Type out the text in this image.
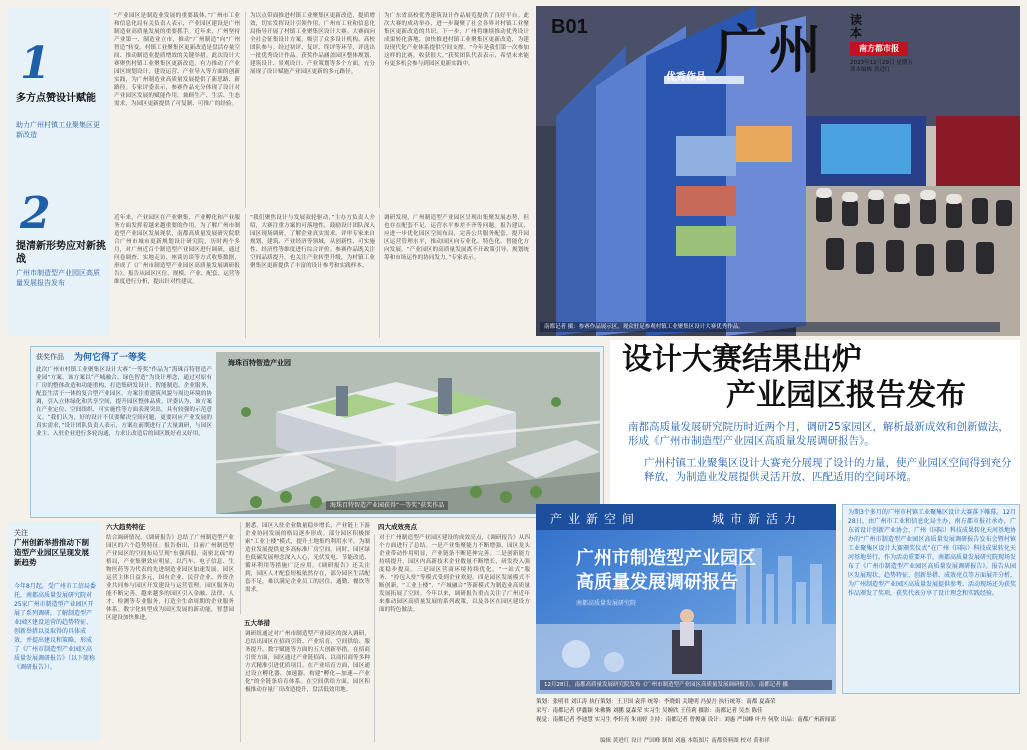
1
多方点赞设计赋能
助力广州村镇工业聚集区更新改造
2
提清新形势应对新挑战
广州市制造型产业园区高质量发展报告发布
“产业园区是制造业发展的重要载体，”广州市工业和信息化局有关负责人表示，产业园区建设是广州制造业高质量发展的重要抓手。近年来，广州坚持产业第一、制造业立市，推动“广州制造”向“广州智造”转变。村镇工业聚集区更新改造是盘活存量空间、推动制造业提质增效的关键举措。此次设计大赛聚焦村镇工业聚集区更新改造，有力推动了产业园区规划设计、建设运营、产业导入等方面的创新实践，为广州制造业高质量发展提供了新思路、新路径。专家评委表示，参赛作品充分体现了设计对产业园区发展的赋能作用，兼顾生产、生活、生态需求，为园区更新提供了可复制、可推广的经验。
近年来，产业园区在产业聚集、产业孵化和产业服务方面发挥着越来越重要的作用。为了解广州市制造型产业园区发展现状，南都高质量发展研究院联合广州市城市更新规划设计研究院，历时两个多月，对广州近百个制造型产业园区进行调研，通过问卷调查、实地走访、座谈访谈等方式收集数据，形成了《广州市制造型产业园区高质量发展调研报告》。报告从园区区位、规模、产业、配套、运营等维度进行分析，提出针对性建议。
为以点带面推进村镇工业聚集区更新改造，提质增效，切实发挥设计引领作用，广州市工业和信息化局指导开展了村镇工业聚集区设计大赛。大赛面向全社会征集设计方案，吸引了众多设计机构、高校团队参与。经过初评、复评、终评等环节，评选出一批优秀设计作品。获奖作品涵盖园区整体规划、建筑设计、景观设计、产业策划等多个方面，充分展现了设计赋能产业园区更新的多元路径。
“我们聚焦设计与发展双轮驱动，”主办方负责人介绍，大赛注重方案的可落地性，鼓励设计团队深入园区现场调研，了解企业真实需求。评审专家来自规划、建筑、产业经济等领域，从创新性、可实施性、经济性等维度进行综合评价。参赛作品既关注空间品质提升，也关注产业转型升级，为村镇工业聚集区更新提供了丰富的设计参考和实践样本。
为广东省高校优秀建筑设计作品展览提供了良好平台。此次大赛的成功举办，进一步凝聚了社会各界对村镇工业聚集区更新改造的共识。下一步，广州将继续推动优秀设计成果转化落地，加快推进村镇工业聚集区更新改造，为建设现代化产业体系提供空间支撑。“今年是我们第一次参加这样的比赛，收获很大，”获奖团队代表表示，希望未来能有更多机会参与到园区更新实践中。
调研发现，广州制造型产业园区呈现出集聚发展态势，但也存在配套不足、运营水平参差不齐等问题。报告建议，应进一步优化园区空间布局，完善公共服务配套，提升园区运营管理水平，推动园区向专业化、特色化、智能化方向发展。“产业园区的高质量发展离不开政策引导、规划统筹和市场运作的协同发力。”专家表示。
优秀作品
南都记者 摄：参赛作品展示区，观众驻足参观村镇工业聚集区设计大赛优秀作品。
B01 广州 读本
南方都市报
2023年12月29日 星期五
读本编辑 黄进红
获奖作品 为何它得了一等奖
此次广州市村镇工业聚集区设计大赛“一等奖”作品为“海珠百特智造产业园”方案。该方案以“产城融合、绿色智造”为设计理念，通过对原有厂房的整体改造和功能重构，打造集研发设计、智能制造、企业服务、配套生活于一体的复合型产业园区。方案注重建筑风貌与周边环境的协调，引入立体绿化和共享空间，提升园区整体品质。评委认为，该方案在产业定位、空间组织、可实施性等方面表现突出，具有较强的示范意义。“我们认为，好的设计不仅要解决空间问题，更要回应产业发展的真实需求，”设计团队负责人表示，方案在前期进行了大量调研，与园区业主、入驻企业进行多轮沟通，力求让改造后的园区既好看又好用。
海珠百特智造产业园
海珠百特智造产业园获得“一等奖”获奖作品
设计大赛结果出炉
产业园区报告发布
南都高质量发展研究院历时近两个月，调研25家园区，解析最新成效和创新做法，形成《广州市制造型产业园区高质量发展调研报告》。
广州村镇工业聚集区设计大赛充分展现了设计的力量，使产业园区空间得到充分释放，为制造业发展提供灵活开放、匹配适用的空间环境。
关注
广州创新举措推动下制造型产业园区呈现发展新趋势
今年8月起，受广州市工信局委托，南都高质量发展研究院对25家广州市制造型产业园区开展了系列调研，了解制造型产业园区建设运营的趋势特征、创新举措以及取得的具体成效，并提出建议和策略，形成了《广州市制造型产业园区高质量发展调研报告》（以下简称《调研报告》）。
六大趋势特征
结合调研情况，《调研报告》总结了广州制造型产业园区的六个趋势特征。报告指出，目前广州制造型产业园区的空间布局呈现“东强西弱、南密北疏”的格局，产业集聚效应明显，以汽车、电子信息、生物医药等为代表的先进制造业园区加速发展。园区运营主体日益多元，国有企业、民营企业、外资企业共同参与园区开发建设与运营管理。园区服务功能不断完善，越来越多的园区引入金融、法律、人才、检测等专业服务，打造全生命周期的企业服务体系。数字化转型成为园区发展的新动能，智慧园区建设加快推进。
据悉，园区入驻企业数量稳步增长，产业链上下游企业协同发展的格局逐步形成。部分园区积极探索“工业上楼”模式，提升土地集约利用水平，为制造业发展提供更多高标准厂房空间。同时，园区绿色低碳发展理念深入人心，光伏发电、节能改造、循环利用等措施广泛应用。《调研报告》还关注到，园区人才配套短板依然存在，部分园区生活配套不足，难以满足企业员工的居住、通勤、餐饮等需求。
五大举措
调研组通过对广州市制造型产业园区的深入调研，总结出园区在招商引资、产业培育、空间供给、服务提升、数字赋能等方面的五大创新举措。在招商引资方面，园区通过产业链招商、以商招商等多种方式精准引进优质项目。在产业培育方面，园区通过设立孵化器、加速器，构建“孵化—加速—产业化”的全链条培育体系。在空间供给方面，园区积极推动存量厂房改造提升，盘活低效用地。
四大成效亮点
对于广州制造型产业园区建设的成效亮点，《调研报告》从四个方面进行了总结。一是产业集聚能力不断增强，园区龙头企业带动作用明显，产业链条不断延伸完善。二是创新能力持续提升，园区内高新技术企业数量不断增长，研发投入强度稳步提高。三是园区营商环境持续优化，“一站式”服务、“拎包入驻”等模式受到企业欢迎。四是园区发展模式不断创新，“工业上楼”、“产城融合”等新模式为制造业高质量发展拓展了空间。今年以来，调研报告重点关注了广州近年来推动园区高质量发展的系列政策，以及各区在园区建设方面的特色做法。
产业新空间	城市新活力
广州市制造型产业园区
高质量发展调研报告
南都高质量发展研究院
12月28日，南都高质量发展研究院发布《广州市制造型产业园区高质量发展调研报告》。南都记者 摄
为期3个多月的广州市村镇工业聚集区设计大赛落下帷幕。12月28日，由广州市工业和信息化局主办，南方都市报社承办，广东省设计创新产业协会、广州（国际）科技成果转化天河基地协办的“广州市制造型产业园区高质量发展调研报告发布会暨村镇工业聚集区设计大赛颁奖仪式”在广州（国际）科技成果转化天河基地举行。作为活动重要环节，南都高质量发展研究院现场发布了《广州市制造型产业园区高质量发展调研报告》。报告从园区发展现状、趋势特征、创新举措、成效亮点等方面展开分析，为广州制造型产业园区高质量发展提供参考。活动现场还为获奖作品颁发了奖项，获奖代表分享了设计理念和实践经验。
策划：张明君 刘江涛 执行策划：王卫国 袁萍 统筹：李晓娟 关键明 冯晏吾 执行统筹：南都 夏森荣
采写：南都记者 伊鑫颖 朱佛腾 刘鹏 夏森荣 实习生 吴婉欣 王佳莉 摄影：南都记者 吴杰 陈佳
视觉：南都记者 李迪慧 实习生 李轩亮 朱雨婷 主持：南都记者 曾俊康 设计：刘惠 严国峰 叶丹 何欣 出品：南都广州新闻部
编辑 黄进红 设计 严国峰 制图 刘惠 本版图片 南都资料图 校对 黄和祥
